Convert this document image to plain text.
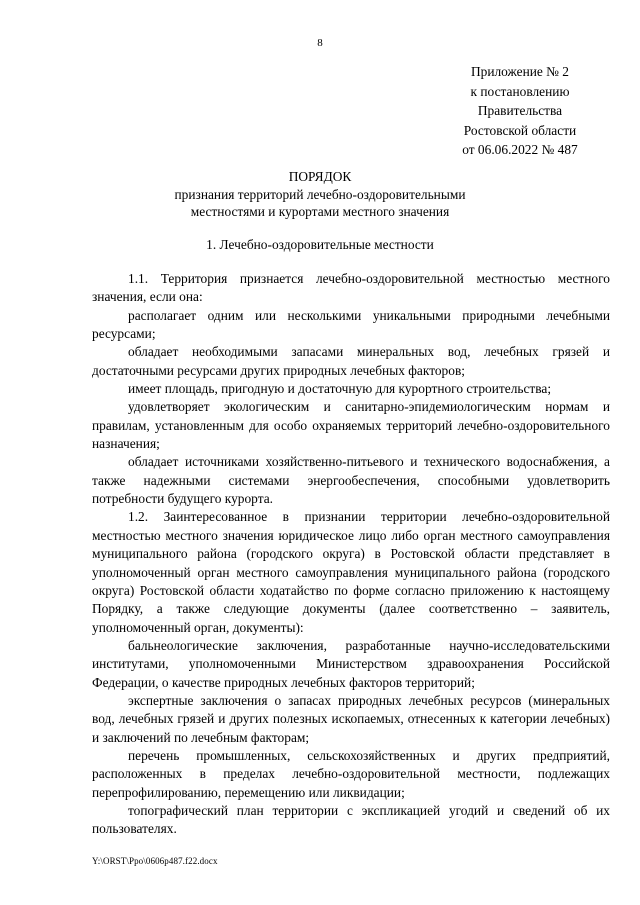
8
Приложение № 2
к постановлению
Правительства
Ростовской области
от 06.06.2022 № 487
ПОРЯДОК
признания территорий лечебно-оздоровительными местностями и курортами местного значения
1. Лечебно-оздоровительные местности

1.1. Территория признается лечебно-оздоровительной местностью местного значения, если она:

располагает одним или несколькими уникальными природными лечебными ресурсами;

обладает необходимыми запасами минеральных вод, лечебных грязей и достаточными ресурсами других природных лечебных факторов;

имеет площадь, пригодную и достаточную для курортного строительства;

удовлетворяет экологическим и санитарно-эпидемиологическим нормам и правилам, установленным для особо охраняемых территорий лечебно-оздоровительного назначения;

обладает источниками хозяйственно-питьевого и технического водоснабжения, а также надежными системами энергообеспечения, способными удовлетворить потребности будущего курорта.

1.2. Заинтересованное в признании территории лечебно-оздоровительной местностью местного значения юридическое лицо либо орган местного самоуправления муниципального района (городского округа) в Ростовской области представляет в уполномоченный орган местного самоуправления муниципального района (городского округа) Ростовской области ходатайство по форме согласно приложению к настоящему Порядку, а также следующие документы (далее соответственно – заявитель, уполномоченный орган, документы):

бальнеологические заключения, разработанные научно-исследовательскими институтами, уполномоченными Министерством здравоохранения Российской Федерации, о качестве природных лечебных факторов территорий;

экспертные заключения о запасах природных лечебных ресурсов (минеральных вод, лечебных грязей и других полезных ископаемых, отнесенных к категории лечебных) и заключений по лечебным факторам;

перечень промышленных, сельскохозяйственных и других предприятий, расположенных в пределах лечебно-оздоровительной местности, подлежащих перепрофилированию, перемещению или ликвидации;

топографический план территории с экспликацией угодий и сведений об их пользователях.

Y:\ORST\Ppo\0606p487.f22.docx
